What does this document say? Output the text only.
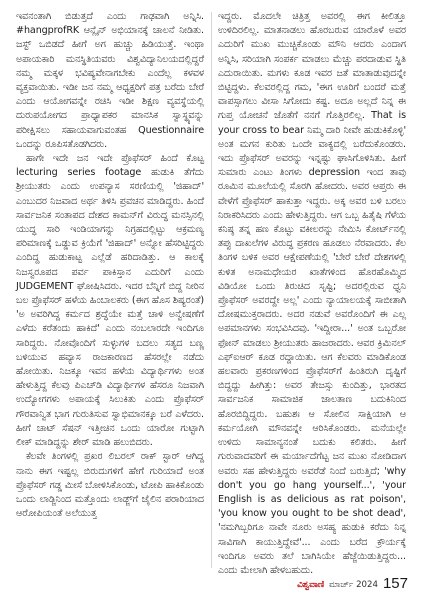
ಇವನಂತಾಗಿ ಬಿಡುತ್ತದೆ ಎಂದು ಗಾಢವಾಗಿ ಅನ್ನಿಸಿ. #hangprofRK ಆನ್ಲೈನ್ ಅಭಿಯಾನಕ್ಕೆ ಚಾಲನೆ ನೀಡಿತು. ಜಸ್ಟ್ ಒಬಿಡದೆ ಹೀಗೆ ಅಗ ಹುಚ್ಚು ಹಿಡಿಯುತ್ತೆ. ಇಂಥಾ ಅಪಾಯಕಾರಿ ಮನಸ್ಥಿತಿಯವರು ವಿಶ್ವವಿದ್ಯಾನಿಲಯದಲ್ಲಿದ್ದರೆ ನಮ್ಮ ಮಕ್ಕಳ ಭವಿಷ್ಯವೇನಾಗಬೇಕು ಎಂದೆಲ್ಲ ಕಳವಳ ವ್ಯಕ್ತವಾಯಿತು. ಇಡೀ ಜನ ನಮ್ಮ ಆಧ್ಯಕ್ಷರಿಗೆ ಪತ್ರ ಬರೆದು ಬೇರೆ ಎಂದು ಆಯೋಗವನ್ನೇ ರಚಿಸಿ ಇಡೀ ಶಿಕ್ಷಣ ವ್ಯವಸ್ಥೆಯಲ್ಲಿ ದುರುಪಯೋಗದ ಪ್ರಾಧ್ಯಾಪಕರ ಮಾನಸಿಕ ಸ್ವಾಸ್ಥ್ಯವನ್ನು ಪರೀಕ್ಷಿಸಲು ಸಹಾಯವಾಗುವಂತಹ Questionnaire ಒಂದನ್ನು ರೂಪಿಸತೊಡಗಿದರು.

ಹಾಗೇ ಇದೇ ಜನ ಇದೇ ಪ್ರೊಫೆಸರ್ ಹಿಂದೆ ಕೊಟ್ಟ lecturing series footage ಹುಡುಕಿ ತೆಗೆದು ಶ್ರೀಯುತರು ಎಂದು ಉಪನ್ಯಾಸ ಸರಣಿಯಲ್ಲಿ 'ಜಿಹಾದ್' ಎಂಬುದರ ನಿಜವಾದ ಅರ್ಥ ತಿಳಿಸಿ ಪ್ರವಚನ ಮಾಡಿದ್ದರು. ಹಿಂದೆ ಸಾರ್ವಜನಿಕ ಸಂತಾಪದ ದೇಶದ ಕಾಮನ್‌ಗೆ ವಿರುದ್ಧ ಮನಸ್ಸಿನಲ್ಲಿ ಯುದ್ಧ ಸಾರಿ ಇಂಡಿಯಾಗನ್ನು ನಿಗ್ರಹದಲ್ಲಿಟ್ಟು ಆಕ್ರಮಣ್ಯ ಪರಿಮಾಣಕ್ಕೆ ಒಡ್ಡುವ ಕ್ರಿಯೆಗೆ 'ಜಿಹಾದ್' ಅನ್ನೋ ಹೆಸರಿಟ್ಟಿದ್ದರು ಎಂದಿದ್ದ ಹುಡುಕಾಟ್ಟ ಎಲ್ಲೆಡೆ ಹರಿದಾಡಿತ್ತು. ಆ ಕಾಲಕ್ಕೆ ನಿಜಸ್ವರೂಪದ ಪರ್ವ ಪಾಕಿಸ್ತಾನ ಎದುರಿಗೆ ಎಂದು JUDGEMENT ಘೋಷಿಸಿದರು. ಇದರ ಬೆನ್ನಿಗೆ ಬಿದ್ದ ನೀರಿನ ಬಲ ಪ್ರೊಫೆಸರ್ ಹಳೆಯ ಹಿಂಬಾಲಕರು (ಈಗ ಹೊಸ ಶಿಷ್ಯರಂತೆ) 'ಅ ಅವರಿಗಿದ್ದ ಕರ್ಮದ ಶ್ರದ್ಧೆಯೇ ಮತ್ತೆ ಚಾಳಿ ಅನ್ವೇಷಣೆಗೆ ಎಳೆದು ಕರೆತಂದು ಹಾಕಿದೆ' ಎಂದು ನಂಬಲಾರದೇ ಇಂದಿಗೂ ಸಾರಿದ್ದರು. ನೋವೊಂದಿಗೆ ಸುಳ್ಳುಗಳ ಬದಲು ಸತ್ಯದ ಬಣ್ಣ ಬಳಿಯುವ ಹವ್ಯಾಸ ರಾಜಕಾರಣದ ಹೆಸರಲ್ಲೇ ನಡೆದು ಹೋಯಿತು. ನಿಜಕ್ಕೂ ಇವನ ಹಳೆಯ ವಿದ್ಯಾರ್ಥಿಗಳು ಅಂತ ಹೇಳುತ್ತಿದ್ದ ಕೆಲವು ಪಿಎಚ್‌ಡಿ ವಿದ್ಯಾರ್ಥಿಗಳ ಹೆಸರೂ ನಿಜವಾಗಿ ಉದ್ಯೋಗಗಳು ಅಪಾಯಕ್ಕೆ ಸಿಲುಕಿತು ಎಂದು ಪ್ರೊಫೆಸರ್ ಗೌರವಾನ್ವಿತ ಭಾಗ ಗುರುತಿಸುವ ಸ್ವಾಭಿಮಾನಕ್ಕೂ ಬರೆ ಎಳೆದರು. ಹೀಗೆ ಚಾಟ್ ಸೆಷನ್ ಇತ್ತೀಚಿನ ಒಂದು ಯಾರೋ ಗುಟ್ಟಾಗಿ ಲೀಕ್ ಮಾಡಿದ್ದನ್ನು ಶೇರ್ ಮಾಡಿ ಹಲುಬಿದರು.

ಕೆಲವೇ ತಿಂಗಳಲ್ಲಿ ಪ್ರಖರ ಲಿಬರಲ್ ರಾಕ್ ಸ್ಟಾರ್ ಆಗಿದ್ದ ನಾನು ಈಗ ಇಷ್ಟಲ್ಲ ಬಿರುದುಗಳಿಗೆ ಹೇಗೆ ಗುರಿಯಾದೆ ಅಂತ ಪ್ರೊಫೆಸರ್ ಗಡ್ಡ ಮೀಸೆ ಬೋಳಿಸಿಕೊಂಡು, ಟೋಪಿ ಹಾಕಿಕೊಂಡು ಒಂದು ಲಾಡ್ಜಿನಿಂದ ಮತ್ತೊಂದು ಲಾಡ್ಜ್‌ಗೆ ಜೈಲಿನ ಪರಾರಿಯಾದ ಆರೋಪಿಯಂತೆ ಅಲೆಯುತ್ತ

ಇದ್ದರು. ಮೊದಲೇ ಚಿತ್ರಿತ್ತ ಅವರಲ್ಲಿ ಈಗ ಕೀಲಿತ್ತೂ ಉಳಿದಿರಲಿಲ್ಲ. ಮಾತನಾಡಲು ಹೊರಬರುವ ಯಾರೊಳೆ ಅವರ ಎದುರಿಗೆ ಮುಖ ಮುಚ್ಚಿಕೊಂಡು ಮೌನಿ ಆದರು ಎಂದಾಗ ಅನ್ನಿಸಿ, ಸರಿಯಾಗಿ ಸಂಪರ್ಕ ಮಾಡಲು ಮೆಚ್ಚು ಪರದಾಡುವ ಸ್ಥಿತಿ ಎದುರಾಯಿತು. ಮಗಳು ಕೂಡ ಇವರ ಜತೆ ಮಾತಾಡುವುದನ್ನೇ ಬಿಟ್ಟಿದ್ದಳು. ಕೆಲವರಲ್ಲಿದ್ದ ಗಮ, 'ಈಗ ಊರಿಗೆ ಬಂದರೆ ಮತ್ತೆ ವಾಪಸ್ಸಾಗಲು ವೀಸಾ ಸಿಗೋದು ಕಷ್ಟ. ಅದೂ ಅಲ್ಲದೆ ನಿನ್ನ ಈ ಗುಪ್ತ ಯೋಚನೆ ಜೊತೆಗೆ ನನಗೆ ಗೊತ್ತಿರಲಿಲ್ಲ. That is your cross to bear ನಿಮ್ಮ ದಾರಿ ನೀವೇ ಹುಡುಕಿಕೊಳ್ಳಿ' ಅಂತ ಮಗನ ಕುರಿತು ಒಂದೇ ವಾಕ್ಯದಲ್ಲಿ ಬರೆದುಕೊಂಡರು. ಇದು ಪ್ರೊಫೆಸರ್ ಅವರನ್ನು ಇನ್ನಷ್ಟು ಘಾಸಿಗೊಳಿಸಿತು. ಹೀಗೆ ಸುಮಾರು ಎಂಟು ತಿಂಗಳು depression ಇಂದ ತಾವು ರೂಮಿನ ಮೂಲೆಯಲ್ಲಿ ಸೊರಗಿ ಹೋದರು. ಅವರ ಆಪ್ತರು ಈ ವೇಳೆಗೆ ಪ್ರೊಫೆಸರ್ ಹಾಕುತ್ತಾ ಇದ್ದರು. ಅಕ್ಕ ಅವರ ಬಳಿ ಬರಲು ನಿರಾಕರಿಸಿದರು ಎಂದು ಹೇಳುತ್ತಿದ್ದರು. ಆಗ ಒಬ್ಬ ಹಿತೈಷಿ ಗೆಳೆಯ ಕನಿಷ್ಠ ತನ್ನ ಹಣ ಕೊಟ್ಟು ವಕೀಲರನ್ನು ನೇಮಿಸಿ ಕೋರ್ಟ್‌ನಲ್ಲಿ ತಪ್ಪು ದಾಖಲೆಗಳ ವಿರುದ್ಧ ಪ್ರಕರಣ ಹೂಡಲು ನೆರವಾದರು. ಕೆಲ ತಿಂಗಳ ಬಳಿಕ ಅವರ ಆಕ್ಷೇಪಣೆಯಲ್ಲಿ 'ಬೇರೆ ಬೇರೆ ದೇಶಗಳಲ್ಲಿ ಕುಳಿತ ಅನಾಮಧೇಯರ ಖಾತೆಗಳಿಂದ ಹೊರಹೊಮ್ಮಿದ ವಿಡಿಯೋ ಒಂದು ತಿರುಚಿದ ಸೃಷ್ಟಿ; ಅದರಲ್ಲಿರುವ ಧ್ವನಿ ಪ್ರೊಫೆಸರ್ ಅವರದ್ದೇ ಅಲ್ಲ' ಎಂದು ನ್ಯಾಯಾಲಯಕ್ಕೆ ಸಾಬೀತಾಗಿ ದೋಷಮುಕ್ತರಾದರು. ಅದರ ನಡುವೆ ಅವರೊಂದಿಗೆ ಈ ಎಲ್ಲ ಅಪಮಾನಗಳು ಸಂಭವಿಸಿದವು. 'ಇದ್ದೀರಾ...' ಅಂತ ಒಬ್ಬರೋ ಫೋನ್ ಮಾಡಲು ಶ್ರೀಯುತರು ಹಾಜರಾದರು. ಆವರ ಕ್ರಿಮಿನಲ್ ಎಫ್‌ಐಆರ್ ಕೂಡ ರದ್ದಾಯಿತು. ಆಗ ಕೆಲವರು ಮಾಡಿಕೊಂಡ ಹಲವಾರು ಪ್ರಕರಣಗಳಿಂದ ಪ್ರೊಫೆಸರ್‌ಗೆ ಹಿಂತಿರುಗಿ ದೃಷ್ಟಿಗೆ ಬಿದ್ದದ್ದು ಹೀಗಿತ್ತು: ಅವರ ತೇಜಸ್ಸು ಕುಂದಿತ್ತು, ಭಾರತದ ಸಾರ್ವಜನಿಕ ಸಾಮಾಜಿಕ ಜಾಲತಾಣ ಬದುಕಿನಿಂದ ಹೊರಬಿದ್ದಿದ್ದರು. ಬಹುಶಃ ಆ ಸೋಲಿನ ಸಾಕ್ಷಿಯಾಗಿ ಆ ಕರ್ಮಯೋಗಿ ಮೌನವನ್ನೇ ಆರಿಸಿಕೊಂಡರು. ಮನೆಯಲ್ಲೇ ಉಳಿದು ಸಾಮಾನ್ಯನಂತೆ ಬದುಕು ಕಲಿತರು. ಹೀಗೆ ಗುರುವಾದವರಿಗೆ ಈ ಮರ್ಯಾದೆಗೆಟ್ಟ ಜನ ಮುಖ ನೋಡಿದಾಗ ಅವರು ಸಹ ಹೇಳುತ್ತಿದ್ದರು ಅವರೆಡೆ ನಿಂದೆ ಬರುತ್ತಿದೆ; 'why don't you go hang yourself...', 'your English is as delicious as rat poison', 'you know you ought to be shot dead', 'ನಮಗಿಬ್ಬರಿಗೂ ನಾವೇ ನೂರು ಅಸಹ್ಯ ಹುಡುಕಿ ಕರೆದು ನಿನ್ನ ಸಾವಿಗಾಗಿ ಕಾಯುತ್ತಿದ್ದೇವೆ'... ಎಂದು ಬರೆದ ಕ್ರೌರ್ಯಕ್ಕೆ ಇಂದಿಗೂ ಅವರು ತಲೆ ಬಾಗಿಸಿಯೇ ಹೆಜ್ಜೆಯಿಡುತ್ತಿದ್ದರು... ಎಂದು ಮೇಲಾಗಿ ಹೇಳಬಹುದು.

ವಿಶ್ವವಾಣಿ ಮಾರ್ಚ್ 2024 157
